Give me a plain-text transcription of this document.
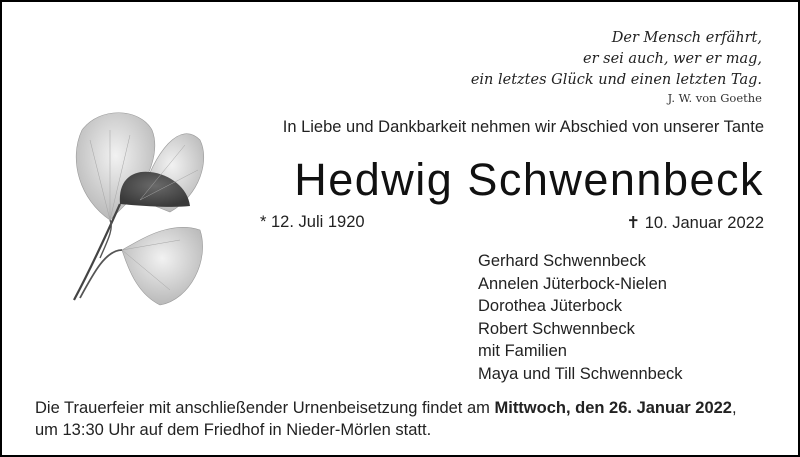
Der Mensch erfährt,
er sei auch, wer er mag,
ein letztes Glück und einen letzten Tag.
J. W. von Goethe
In Liebe und Dankbarkeit nehmen wir Abschied von unserer Tante
Hedwig Schwennbeck
* 12. Juli 1920	✝ 10. Januar 2022
Gerhard Schwennbeck
Annelen Jüterbock-Nielen
Dorothea Jüterbock
Robert Schwennbeck
mit Familien
Maya und Till Schwennbeck
Die Trauerfeier mit anschließender Urnenbeisetzung findet am Mittwoch, den 26. Januar 2022,
um 13:30 Uhr auf dem Friedhof in Nieder-Mörlen statt.
